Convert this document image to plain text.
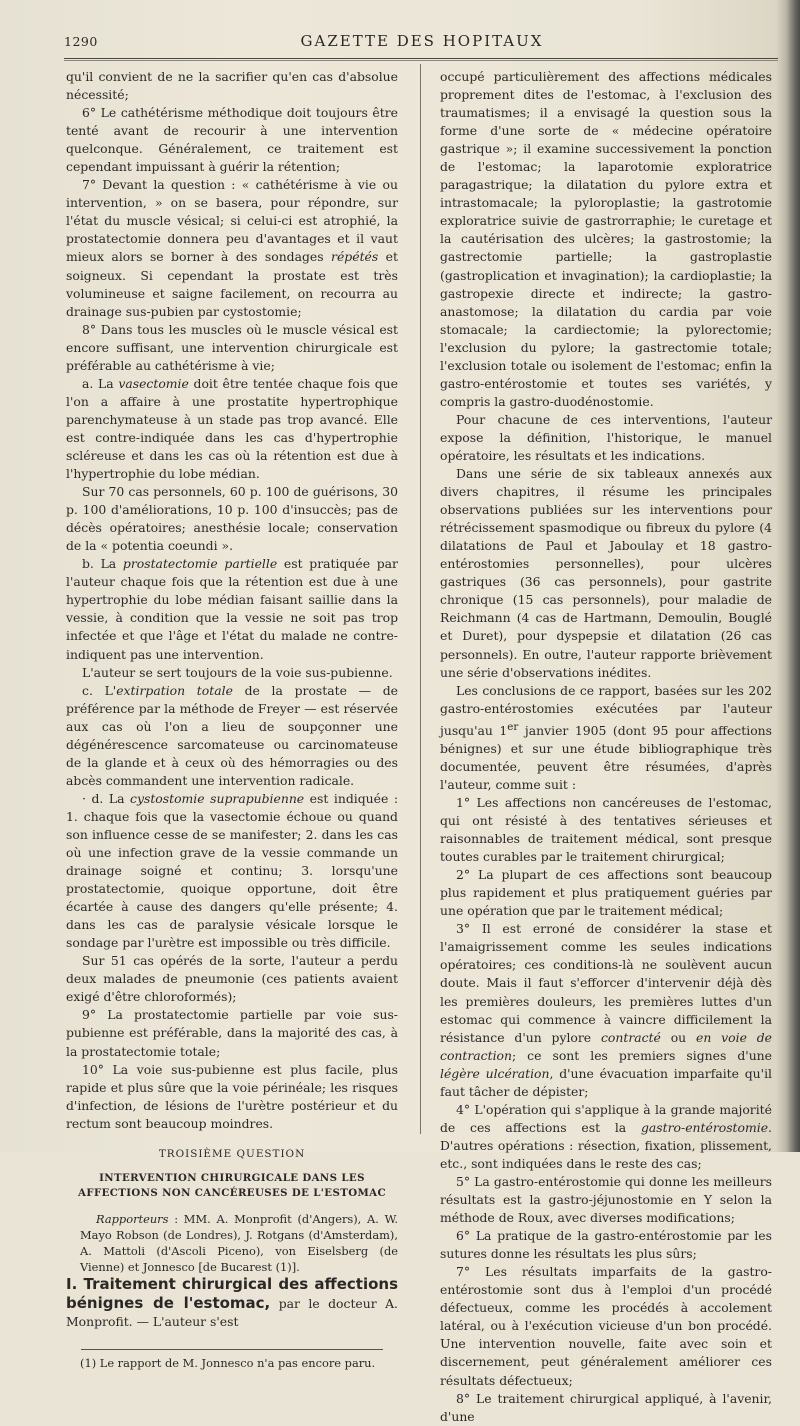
1290	GAZETTE DES HOPITAUX

qu'il convient de ne la sacrifier qu'en cas d'absolue nécessité;

6° Le cathétérisme méthodique doit toujours être tenté avant de recourir à une intervention quelconque. Généralement, ce traitement est cependant impuissant à guérir la rétention;

7° Devant la question : « cathétérisme à vie ou intervention, » on se basera, pour répondre, sur l'état du muscle vésical; si celui-ci est atrophié, la prostatectomie donnera peu d'avantages et il vaut mieux alors se borner à des sondages répétés et soigneux. Si cependant la prostate est très volumineuse et saigne facilement, on recourra au drainage sus-pubien par cystostomie;

8° Dans tous les muscles où le muscle vésical est encore suffisant, une intervention chirurgicale est préférable au cathétérisme à vie;

a. La vasectomie doit être tentée chaque fois que l'on a affaire à une prostatite hypertrophique parenchymateuse à un stade pas trop avancé. Elle est contre-indiquée dans les cas d'hypertrophie scléreuse et dans les cas où la rétention est due à l'hypertrophie du lobe médian.

Sur 70 cas personnels, 60 p. 100 de guérisons, 30 p. 100 d'améliorations, 10 p. 100 d'insuccès; pas de décès opératoires; anesthésie locale; conservation de la « potentia coeundi ».

b. La prostatectomie partielle est pratiquée par l'auteur chaque fois que la rétention est due à une hypertrophie du lobe médian faisant saillie dans la vessie, à condition que la vessie ne soit pas trop infectée et que l'âge et l'état du malade ne contre-indiquent pas une intervention.

L'auteur se sert toujours de la voie sus-pubienne.

c. L'extirpation totale de la prostate — de préférence par la méthode de Freyer — est réservée aux cas où l'on a lieu de soupçonner une dégénérescence sarcomateuse ou carcinomateuse de la glande et à ceux où des hémorragies ou des abcès commandent une intervention radicale.

· d. La cystostomie suprapubienne est indiquée : 1. chaque fois que la vasectomie échoue ou quand son influence cesse de se manifester; 2. dans les cas où une infection grave de la vessie commande un drainage soigné et continu; 3. lorsqu'une prostatectomie, quoique opportune, doit être écartée à cause des dangers qu'elle présente; 4. dans les cas de paralysie vésicale lorsque le sondage par l'urètre est impossible ou très difficile.

Sur 51 cas opérés de la sorte, l'auteur a perdu deux malades de pneumonie (ces patients avaient exigé d'être chloroformés);

9° La prostatectomie partielle par voie sus-pubienne est préférable, dans la majorité des cas, à la prostatectomie totale;

10° La voie sus-pubienne est plus facile, plus rapide et plus sûre que la voie périnéale; les risques d'infection, de lésions de l'urètre postérieur et du rectum sont beaucoup moindres.

TROISIÈME QUESTION
INTERVENTION CHIRURGICALE DANS LES AFFECTIONS NON CANCÉREUSES DE L'ESTOMAC

Rapporteurs : MM. A. Monprofit (d'Angers), A. W. Mayo Robson (de Londres), J. Rotgans (d'Amsterdam), A. Mattoli (d'Ascoli Piceno), von Eiselsberg (de Vienne) et Jonnesco [de Bucarest (1)].

I. Traitement chirurgical des affections bénignes de l'estomac, par le docteur A. Monprofit. — L'auteur s'est

(1) Le rapport de M. Jonnesco n'a pas encore paru.

occupé particulièrement des affections médicales proprement dites de l'estomac, à l'exclusion des traumatismes; il a envisagé la question sous la forme d'une sorte de « médecine opératoire gastrique »; il examine successivement la ponction de l'estomac; la laparotomie exploratrice paragastrique; la dilatation du pylore extra et intrastomacale; la pyloroplastie; la gastrotomie exploratrice suivie de gastrorraphie; le curetage et la cautérisation des ulcères; la gastrostomie; la gastrectomie partielle; la gastroplastie (gastroplication et invagination); la cardioplastie; la gastropexie directe et indirecte; la gastro-anastomose; la dilatation du cardia par voie stomacale; la cardiectomie; la pylorectomie; l'exclusion du pylore; la gastrectomie totale; l'exclusion totale ou isolement de l'estomac; enfin la gastro-entérostomie et toutes ses variétés, y compris la gastro-duodénostomie.

Pour chacune de ces interventions, l'auteur expose la définition, l'historique, le manuel opératoire, les résultats et les indications.

Dans une série de six tableaux annexés aux divers chapitres, il résume les principales observations publiées sur les interventions pour rétrécissement spasmodique ou fibreux du pylore (4 dilatations de Paul et Jaboulay et 18 gastro-entérostomies personnelles), pour ulcères gastriques (36 cas personnels), pour gastrite chronique (15 cas personnels), pour maladie de Reichmann (4 cas de Hartmann, Demoulin, Bouglé et Duret), pour dyspepsie et dilatation (26 cas personnels). En outre, l'auteur rapporte brièvement une série d'observations inédites.

Les conclusions de ce rapport, basées sur les 202 gastro-entérostomies exécutées par l'auteur jusqu'au 1er janvier 1905 (dont 95 pour affections bénignes) et sur une étude bibliographique très documentée, peuvent être résumées, d'après l'auteur, comme suit :

1° Les affections non cancéreuses de l'estomac, qui ont résisté à des tentatives sérieuses et raisonnables de traitement médical, sont presque toutes curables par le traitement chirurgical;

2° La plupart de ces affections sont beaucoup plus rapidement et plus pratiquement guéries par une opération que par le traitement médical;

3° Il est erroné de considérer la stase et l'amaigrissement comme les seules indications opératoires; ces conditions-là ne soulèvent aucun doute. Mais il faut s'efforcer d'intervenir déjà dès les premières douleurs, les premières luttes d'un estomac qui commence à vaincre difficilement la résistance d'un pylore contracté ou en voie de contraction; ce sont les premiers signes d'une légère ulcération, d'une évacuation imparfaite qu'il faut tâcher de dépister;

4° L'opération qui s'applique à la grande majorité de ces affections est la gastro-entérostomie. D'autres opérations : résection, fixation, plissement, etc., sont indiquées dans le reste des cas;

5° La gastro-entérostomie qui donne les meilleurs résultats est la gastro-jéjunostomie en Y selon la méthode de Roux, avec diverses modifications;

6° La pratique de la gastro-entérostomie par les sutures donne les résultats les plus sûrs;

7° Les résultats imparfaits de la gastro-entérostomie sont dus à l'emploi d'un procédé défectueux, comme les procédés à accolement latéral, ou à l'exécution vicieuse d'un bon procédé. Une intervention nouvelle, faite avec soin et discernement, peut généralement améliorer ces résultats défectueux;

8° Le traitement chirurgical appliqué, à l'avenir, d'une
